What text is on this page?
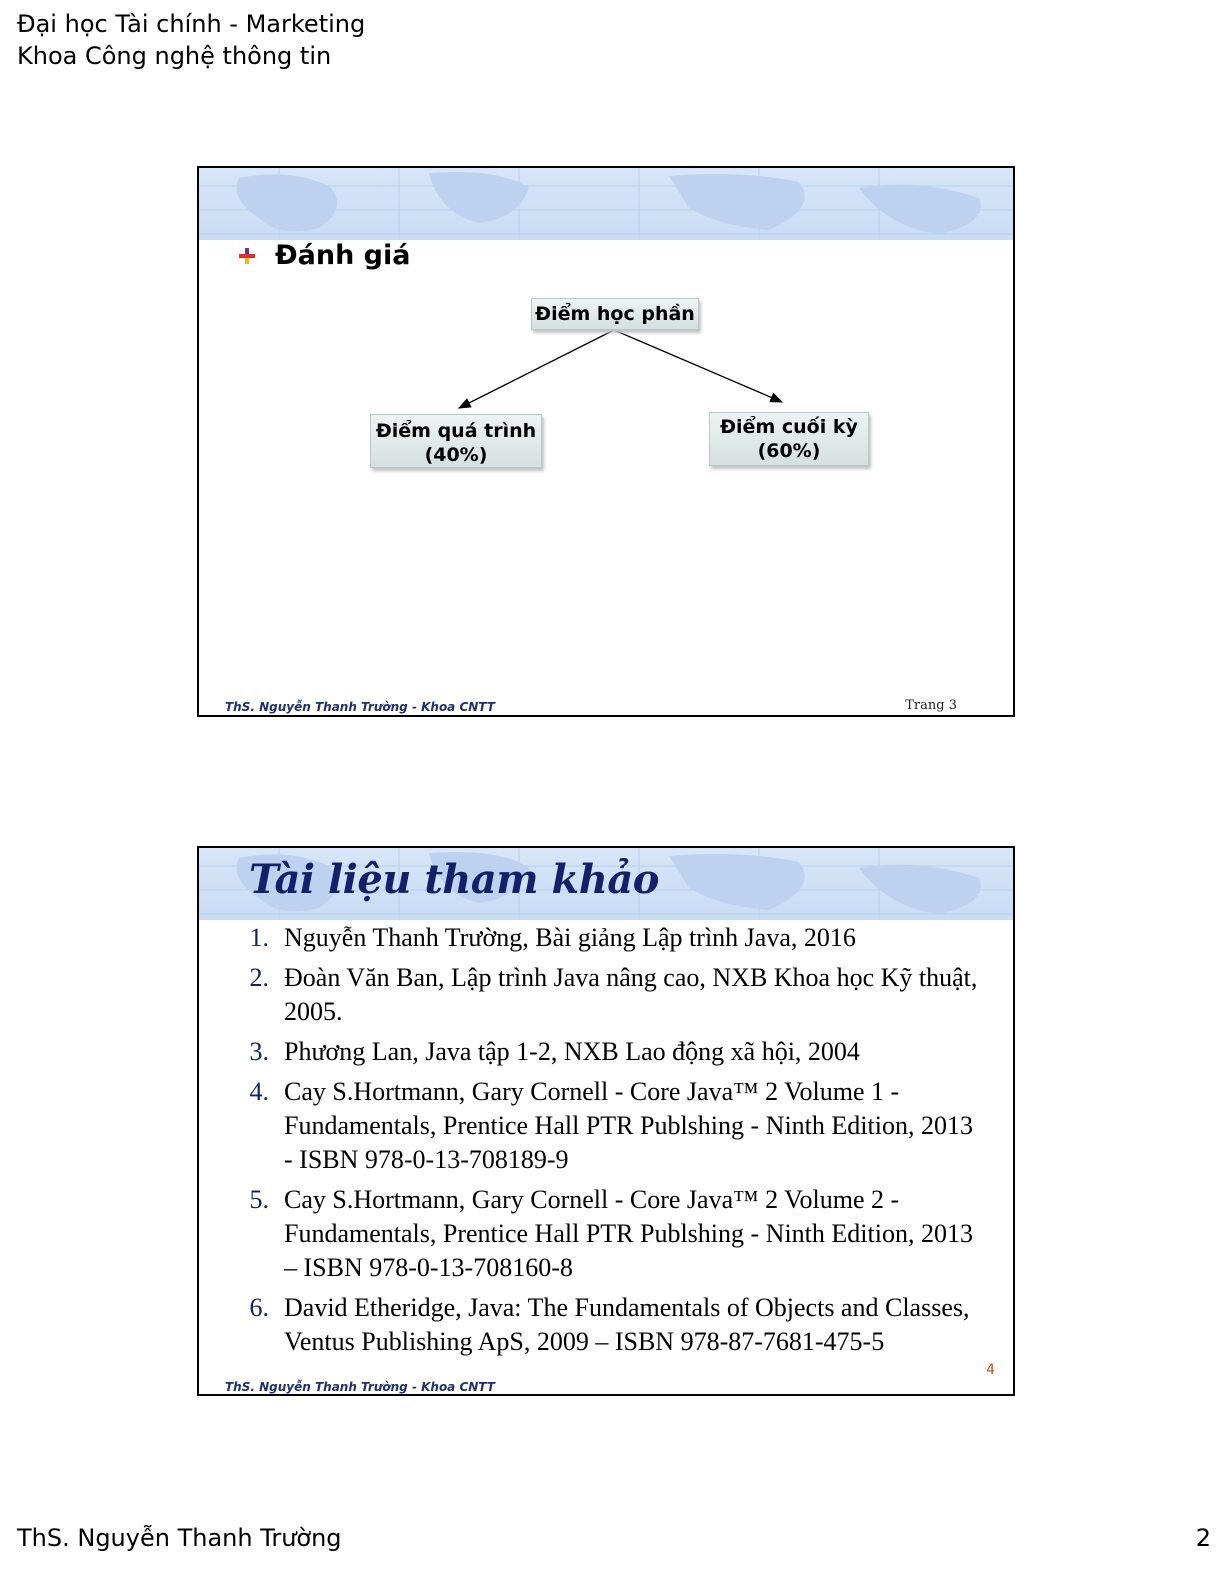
Đại học Tài chính - Marketing
Khoa Công nghệ thông tin
Đánh giá
Điểm học phần
Điểm quá trình
(40%)
Điểm cuối kỳ
(60%)
ThS. Nguyễn Thanh Trường - Khoa CNTT	Trang 3
Tài liệu tham khảo
1. Nguyễn Thanh Trường, Bài giảng Lập trình Java, 2016
2. Đoàn Văn Ban, Lập trình Java nâng cao, NXB Khoa học Kỹ thuật, 2005.
3. Phương Lan, Java tập 1-2, NXB Lao động xã hội, 2004
4. Cay S.Hortmann, Gary Cornell - Core Java™ 2 Volume 1 - Fundamentals, Prentice Hall PTR Publshing - Ninth Edition, 2013 - ISBN 978-0-13-708189-9
5. Cay S.Hortmann, Gary Cornell - Core Java™ 2 Volume 2 - Fundamentals, Prentice Hall PTR Publshing - Ninth Edition, 2013 – ISBN 978-0-13-708160-8
6. David Etheridge, Java: The Fundamentals of Objects and Classes, Ventus Publishing ApS, 2009 – ISBN 978-87-7681-475-5
ThS. Nguyễn Thanh Trường - Khoa CNTT
4
ThS. Nguyễn Thanh Trường	2
